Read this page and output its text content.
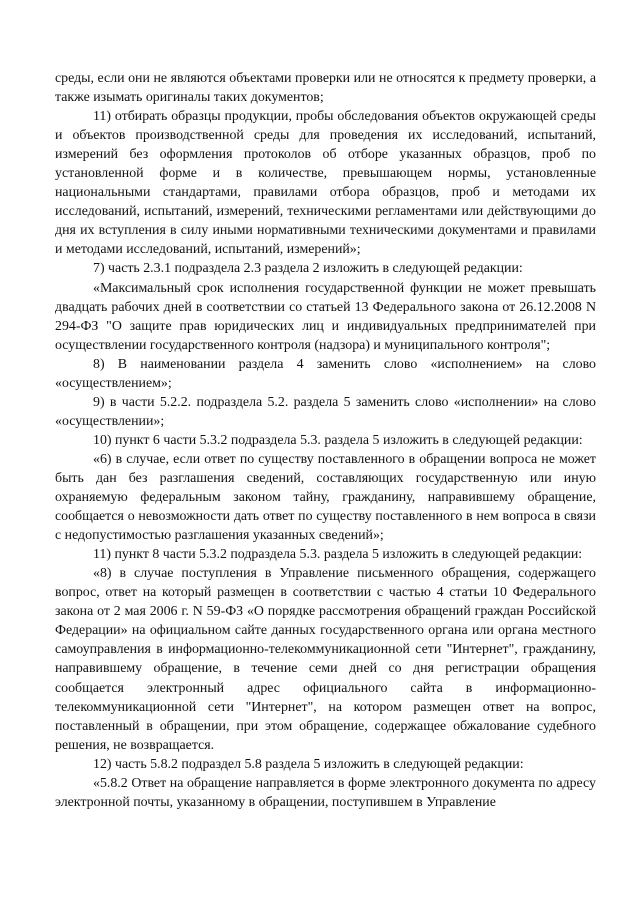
среды, если они не являются объектами проверки или не относятся к предмету проверки, а также изымать оригиналы таких документов;

11) отбирать образцы продукции, пробы обследования объектов окружающей среды и объектов производственной среды для проведения их исследований, испытаний, измерений без оформления протоколов об отборе указанных образцов, проб по установленной форме и в количестве, превышающем нормы, установленные национальными стандартами, правилами отбора образцов, проб и методами их исследований, испытаний, измерений, техническими регламентами или действующими до дня их вступления в силу иными нормативными техническими документами и правилами и методами исследований, испытаний, измерений»;

7) часть 2.3.1 подраздела 2.3 раздела 2 изложить в следующей редакции:

«Максимальный срок исполнения государственной функции не может превышать двадцать рабочих дней в соответствии со статьей 13 Федерального закона от 26.12.2008 N 294-ФЗ "О защите прав юридических лиц и индивидуальных предпринимателей при осуществлении государственного контроля (надзора) и муниципального контроля";

8) В наименовании раздела 4 заменить слово «исполнением» на слово «осуществлением»;

9) в части 5.2.2. подраздела 5.2. раздела 5 заменить слово «исполнении» на слово «осуществлении»;

10) пункт 6 части 5.3.2 подраздела 5.3. раздела 5 изложить в следующей редакции:

«6) в случае, если ответ по существу поставленного в обращении вопроса не может быть дан без разглашения сведений, составляющих государственную или иную охраняемую федеральным законом тайну, гражданину, направившему обращение, сообщается о невозможности дать ответ по существу поставленного в нем вопроса в связи с недопустимостью разглашения указанных сведений»;

11) пункт 8 части 5.3.2 подраздела 5.3. раздела 5 изложить в следующей редакции:

«8) в случае поступления в Управление письменного обращения, содержащего вопрос, ответ на который размещен в соответствии с частью 4 статьи 10 Федерального закона от 2 мая 2006 г. N 59-ФЗ «О порядке рассмотрения обращений граждан Российской Федерации» на официальном сайте данных государственного органа или органа местного самоуправления в информационно-телекоммуникационной сети "Интернет", гражданину, направившему обращение, в течение семи дней со дня регистрации обращения сообщается электронный адрес официального сайта в информационно-телекоммуникационной сети "Интернет", на котором размещен ответ на вопрос, поставленный в обращении, при этом обращение, содержащее обжалование судебного решения, не возвращается.

12) часть 5.8.2 подраздел 5.8 раздела 5 изложить в следующей редакции:

«5.8.2 Ответ на обращение направляется в форме электронного документа по адресу электронной почты, указанному в обращении, поступившем в Управление
